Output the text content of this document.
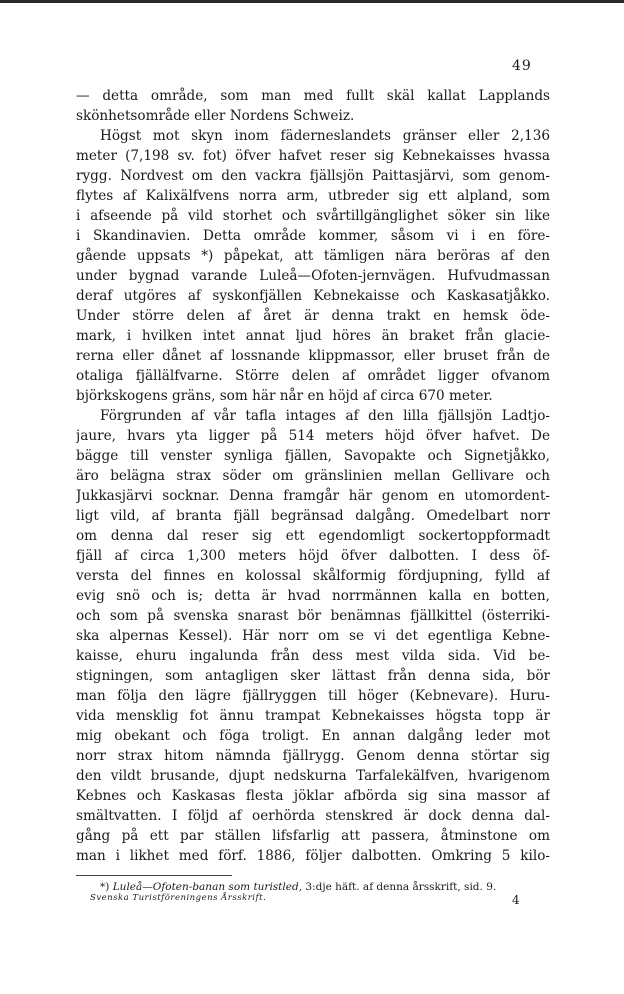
49
— detta område, som man med fullt skäl kallat Lapplands
skönhetsområde eller Nordens Schweiz.
Högst mot skyn inom fäderneslandets gränser eller 2,136
meter (7,198 sv. fot) öfver hafvet reser sig Kebnekaisses hvassa
rygg. Nordvest om den vackra fjällsjön Paittasjärvi, som genom-
flytes af Kalixälfvens norra arm, utbreder sig ett alpland, som
i afseende på vild storhet och svårtillgänglighet söker sin like
i Skandinavien. Detta område kommer, såsom vi i en före-
gående uppsats *) påpekat, att tämligen nära beröras af den
under bygnad varande Luleå—Ofoten-jernvägen. Hufvudmassan
deraf utgöres af syskonfjällen Kebnekaisse och Kaskasatjåkko.
Under större delen af året är denna trakt en hemsk öde-
mark, i hvilken intet annat ljud höres än braket från glacie-
rerna eller dånet af lossnande klippmassor, eller bruset från de
otaliga fjällälfvarne. Större delen af området ligger ofvanom
björkskogens gräns, som här når en höjd af circa 670 meter.
Förgrunden af vår tafla intages af den lilla fjällsjön Ladtjo-
jaure, hvars yta ligger på 514 meters höjd öfver hafvet. De
bägge till venster synliga fjällen, Savopakte och Signetjåkko,
äro belägna strax söder om gränslinien mellan Gellivare och
Jukkasjärvi socknar. Denna framgår här genom en utomordent-
ligt vild, af branta fjäll begränsad dalgång. Omedelbart norr
om denna dal reser sig ett egendomligt sockertoppformadt
fjäll af circa 1,300 meters höjd öfver dalbotten. I dess öf-
versta del finnes en kolossal skålformig fördjupning, fylld af
evig snö och is; detta är hvad norrmännen kalla en botten,
och som på svenska snarast bör benämnas fjällkittel (österriki-
ska alpernas Kessel). Här norr om se vi det egentliga Kebne-
kaisse, ehuru ingalunda från dess mest vilda sida. Vid be-
stigningen, som antagligen sker lättast från denna sida, bör
man följa den lägre fjällryggen till höger (Kebnevare). Huru-
vida mensklig fot ännu trampat Kebnekaisses högsta topp är
mig obekant och föga troligt. En annan dalgång leder mot
norr strax hitom nämnda fjällrygg. Genom denna störtar sig
den vildt brusande, djupt nedskurna Tarfalekälfven, hvarigenom
Kebnes och Kaskasas flesta jöklar afbörda sig sina massor af
smältvatten. I följd af oerhörda stenskred är dock denna dal-
gång på ett par ställen lifsfarlig att passera, åtminstone om
man i likhet med förf. 1886, följer dalbotten. Omkring 5 kilo-
*) Luleå—Ofoten-banan som turistled, 3:dje häft. af denna årsskrift, sid. 9.
Svenska Turistföreningens Årsskrift.	4
